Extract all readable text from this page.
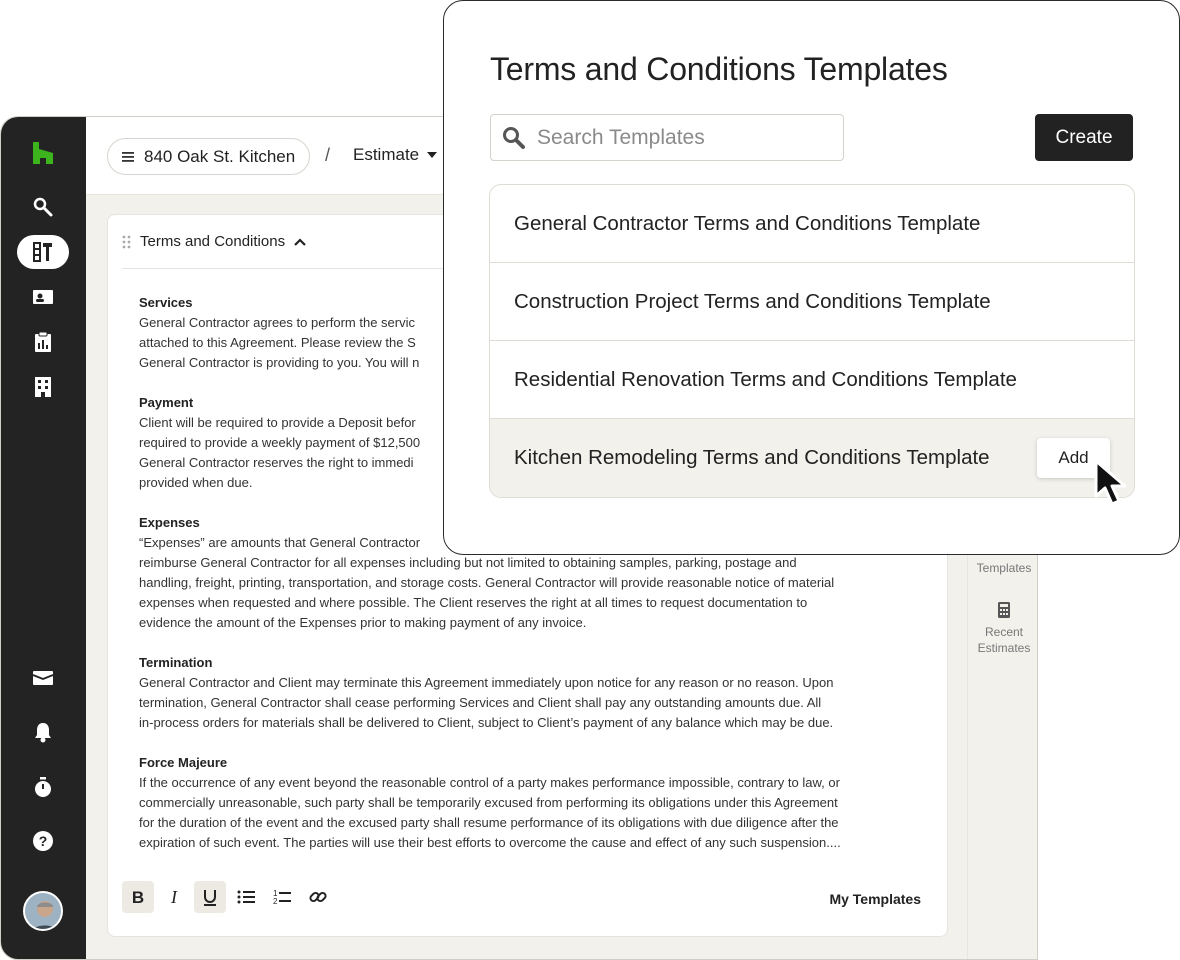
?
840 Oak St. Kitchen / Estimate
Terms and Conditions
Services

General Contractor agrees to perform the servic
attached to this Agreement. Please review the S
General Contractor is providing to you. You will n

Payment

Client will be required to provide a Deposit befor
required to provide a weekly payment of $12,500
General Contractor reserves the right to immedi
provided when due.

Expenses

“Expenses” are amounts that General Contractor
reimburse General Contractor for all expenses including but not limited to obtaining samples, parking, postage and
handling, freight, printing, transportation, and storage costs. General Contractor will provide reasonable notice of material
expenses when requested and where possible. The Client reserves the right at all times to request documentation to
evidence the amount of the Expenses prior to making payment of any invoice.

Termination

General Contractor and Client may terminate this Agreement immediately upon notice for any reason or no reason. Upon
termination, General Contractor shall cease performing Services and Client shall pay any outstanding amounts due. All
in-process orders for materials shall be delivered to Client, subject to Client’s payment of any balance which may be due.

Force Majeure

If the occurrence of any event beyond the reasonable control of a party makes performance impossible, contrary to law, or
commercially unreasonable, such party shall be temporarily excused from performing its obligations under this Agreement
for the duration of the event and the excused party shall resume performance of its obligations with due diligence after the
expiration of such event. The parties will use their best efforts to overcome the cause and effect of any such suspension....

B I	1
2	My Templates
Templates
Recent
Estimates
Terms and Conditions Templates
Search Templates
Create
General Contractor Terms and Conditions Template
Construction Project Terms and Conditions Template
Residential Renovation Terms and Conditions Template
Kitchen Remodeling Terms and Conditions Template	Add
